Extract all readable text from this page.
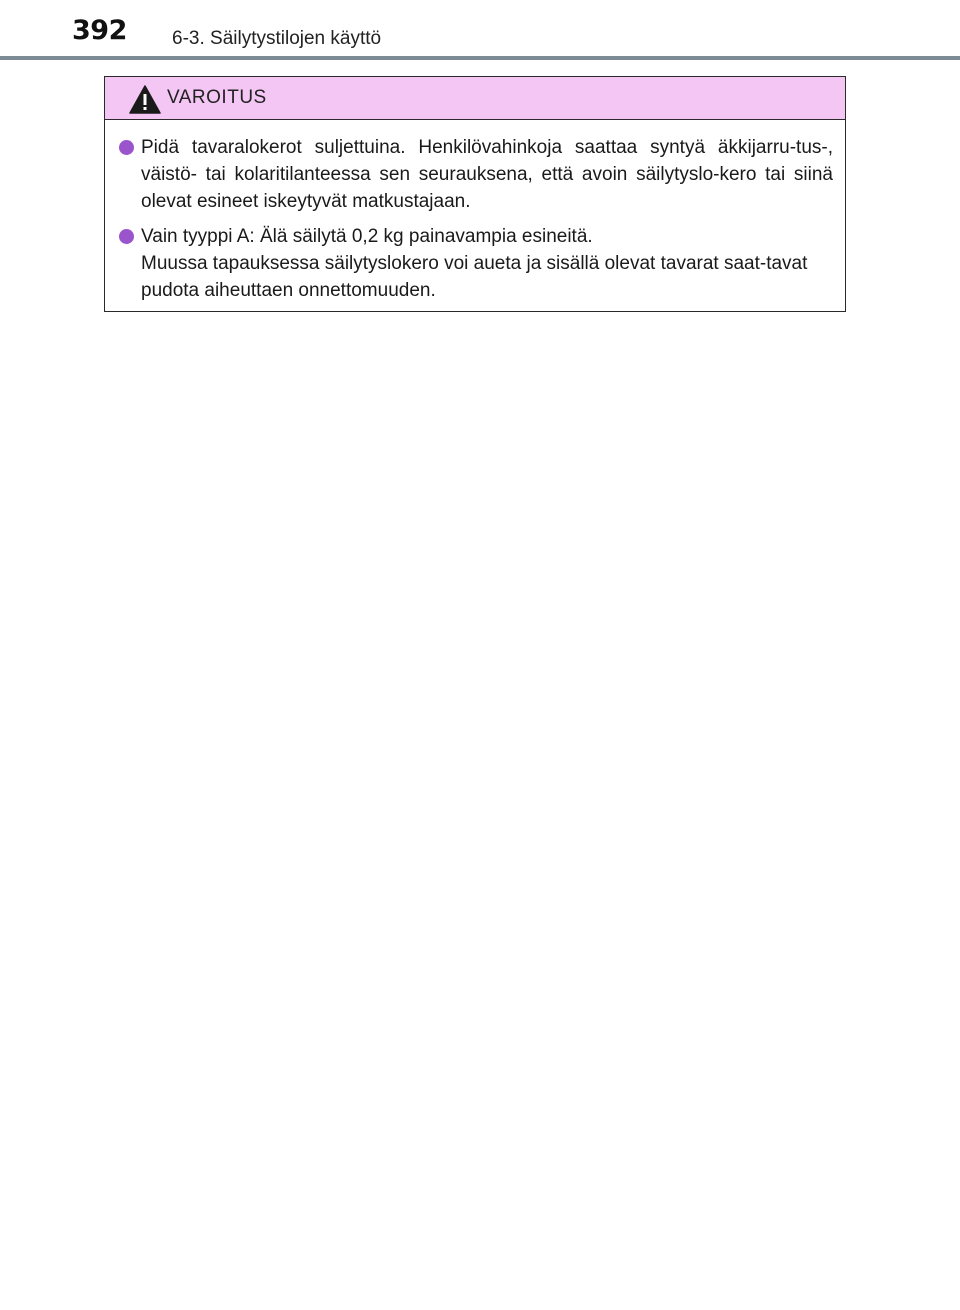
392 6-3. Säilytystilojen käyttö
VAROITUS
Pidä tavaralokerot suljettuina. Henkilövahinkoja saattaa syntyä äkkijarru-tus-, väistö- tai kolaritilanteessa sen seurauksena, että avoin säilytyslo-kero tai siinä olevat esineet iskeytyvät matkustajaan.
Vain tyyppi A: Älä säilytä 0,2 kg painavampia esineitä.
Muussa tapauksessa säilytyslokero voi aueta ja sisällä olevat tavarat saat-tavat pudota aiheuttaen onnettomuuden.
